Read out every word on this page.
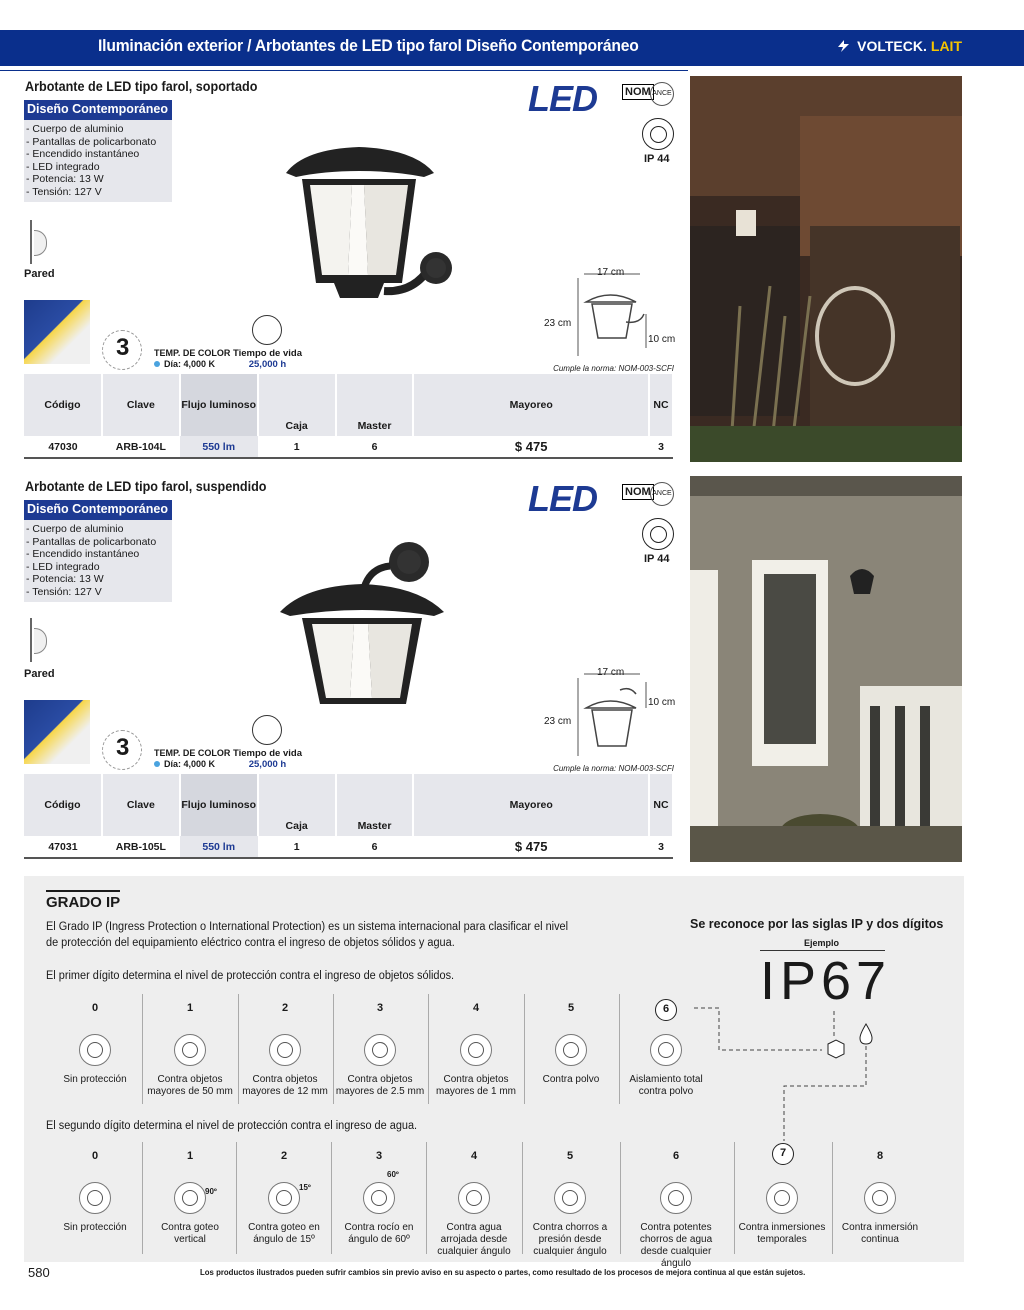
Iluminación exterior / Arbotantes de LED tipo farol Diseño Contemporáneo	VOLTECK. LAIT
Arbotante de LED tipo farol, soportado
Diseño Contemporáneo
- Cuerpo de aluminio
- Pantallas de policarbonato
- Encendido instantáneo
- LED integrado
- Potencia: 13 W
- Tensión: 127 V
LED	NOM ANCE
IP 44
Pared	17 cm
23 cm
10 cm
3	TEMP. DE COLOR
Día: 4,000 K
Tiempo de vida
25,000 h	Cumple la norma: NOM-003-SCFI
Código	Clave	Flujo luminoso	Caja	Master	Mayoreo	NC
47030	ARB-104L	550 lm	1	6	$ 475	3
Arbotante de LED tipo farol, suspendido
Diseño Contemporáneo
- Cuerpo de aluminio
- Pantallas de policarbonato
- Encendido instantáneo
- LED integrado
- Potencia: 13 W
- Tensión: 127 V
LED	NOM ANCE
IP 44
Pared	17 cm
23 cm
10 cm
3	TEMP. DE COLOR
Día: 4,000 K
Tiempo de vida
25,000 h	Cumple la norma: NOM-003-SCFI
Código	Clave	Flujo luminoso	Caja	Master	Mayoreo	NC
47031	ARB-105L	550 lm	1	6	$ 475	3
GRADO IP
El Grado IP (Ingress Protection o International Protection) es un sistema internacional para clasificar el nivel
de protección del equipamiento eléctrico contra el ingreso de objetos sólidos y agua.
El primer dígito determina el nivel de protección contra el ingreso de objetos sólidos.
El segundo dígito determina el nivel de protección contra el ingreso de agua.
Se reconoce por las siglas IP y dos dígitos
Ejemplo
IP67
6
7
0
Sin protección
1
Contra objetos mayores de 50 mm
2
Contra objetos mayores de 12 mm
3
Contra objetos mayores de 2.5 mm
4
Contra objetos mayores de 1 mm
5
Contra polvo	Aislamiento total contra polvo
0
Sin protección
1
Contra goteo vertical
90º
2
Contra goteo en ángulo de 15º
15º
3
Contra rocío en ángulo de 60º
60º
4
Contra agua arrojada desde cualquier ángulo
5
Contra chorros a presión desde cualquier ángulo
6
Contra potentes chorros de agua desde cualquier ángulo
Contra inmersiones temporales
8
Contra inmersión continua
580	Los productos ilustrados pueden sufrir cambios sin previo aviso en su aspecto o partes, como resultado de los procesos de mejora continua al que están sujetos.
